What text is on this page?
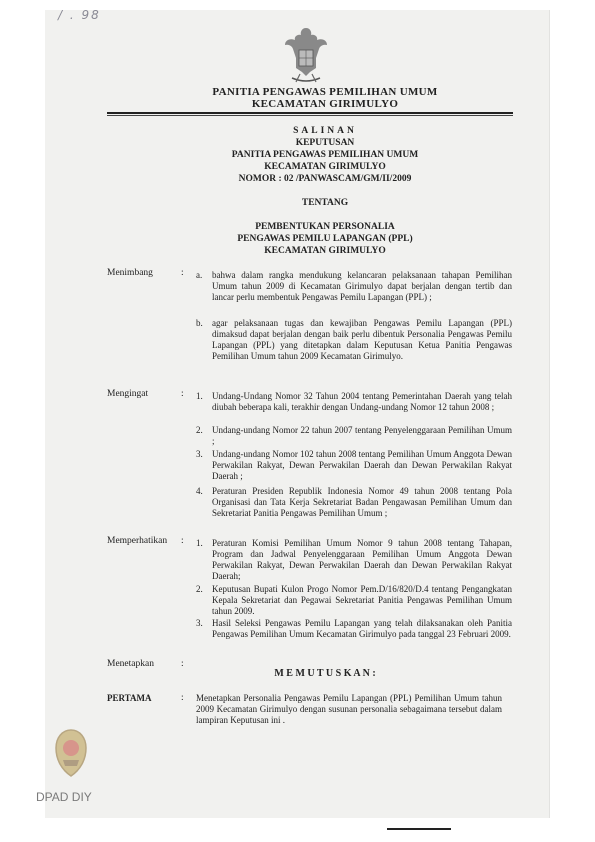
/ . 98
PANITIA PENGAWAS PEMILIHAN UMUM
KECAMATAN GIRIMULYO
SALINAN
KEPUTUSAN
PANITIA PENGAWAS PEMILIHAN UMUM
KECAMATAN GIRIMULYO
NOMOR : 02 /PANWASCAM/GM/II/2009
TENTANG
PEMBENTUKAN PERSONALIA
PENGAWAS PEMILU LAPANGAN (PPL)
KECAMATAN GIRIMULYO
Menimbang	: a. bahwa dalam rangka mendukung kelancaran pelaksanaan tahapan Pemilihan Umum tahun 2009 di Kecamatan Girimulyo dapat berjalan dengan tertib dan lancar perlu membentuk Pengawas Pemilu Lapangan (PPL) ;
b. agar pelaksanaan tugas dan kewajiban Pengawas Pemilu Lapangan (PPL) dimaksud dapat berjalan dengan baik perlu dibentuk Personalia Pengawas Pemilu Lapangan (PPL) yang ditetapkan dalam Keputusan Ketua Panitia Pengawas Pemilihan Umum tahun 2009 Kecamatan Girimulyo.
Mengingat	: 1. Undang-Undang Nomor 32 Tahun 2004 tentang Pemerintahan Daerah yang telah diubah beberapa kali, terakhir dengan Undang-undang Nomor 12 tahun 2008 ;
2. Undang-undang Nomor 22 tahun 2007 tentang Penyelenggaraan Pemilihan Umum ;
3. Undang-undang Nomor 102 tahun 2008 tentang Pemilihan Umum Anggota Dewan Perwakilan Rakyat, Dewan Perwakilan Daerah dan Dewan Perwakilan Rakyat Daerah ;
4. Peraturan Presiden Republik Indonesia Nomor 49 tahun 2008 tentang Pola Organisasi dan Tata Kerja Sekretariat Badan Pengawasan Pemilihan Umum dan Sekretariat Panitia Pengawas Pemilihan Umum ;
Memperhatikan : 1. Peraturan Komisi Pemilihan Umum Nomor 9 tahun 2008 tentang Tahapan, Program dan Jadwal Penyelenggaraan Pemilihan Umum Anggota Dewan Perwakilan Rakyat, Dewan Perwakilan Daerah dan Dewan Perwakilan Rakyat Daerah;
2. Keputusan Bupati Kulon Progo Nomor Pem.D/16/820/D.4 tentang Pengangkatan Kepala Sekretariat dan Pegawai Sekretariat Panitia Pengawas Pemilihan Umum tahun 2009.
3. Hasil Seleksi Pengawas Pemilu Lapangan yang telah dilaksanakan oleh Panitia Pengawas Pemilihan Umum Kecamatan Girimulyo pada tanggal 23 Februari 2009.
Menetapkan	:
M E M U T U S K A N :
PERTAMA	: Menetapkan Personalia Pengawas Pemilu Lapangan (PPL) Pemilihan Umum tahun 2009 Kecamatan Girimulyo dengan susunan personalia sebagaimana tersebut dalam lampiran Keputusan ini .
DPAD DIY
